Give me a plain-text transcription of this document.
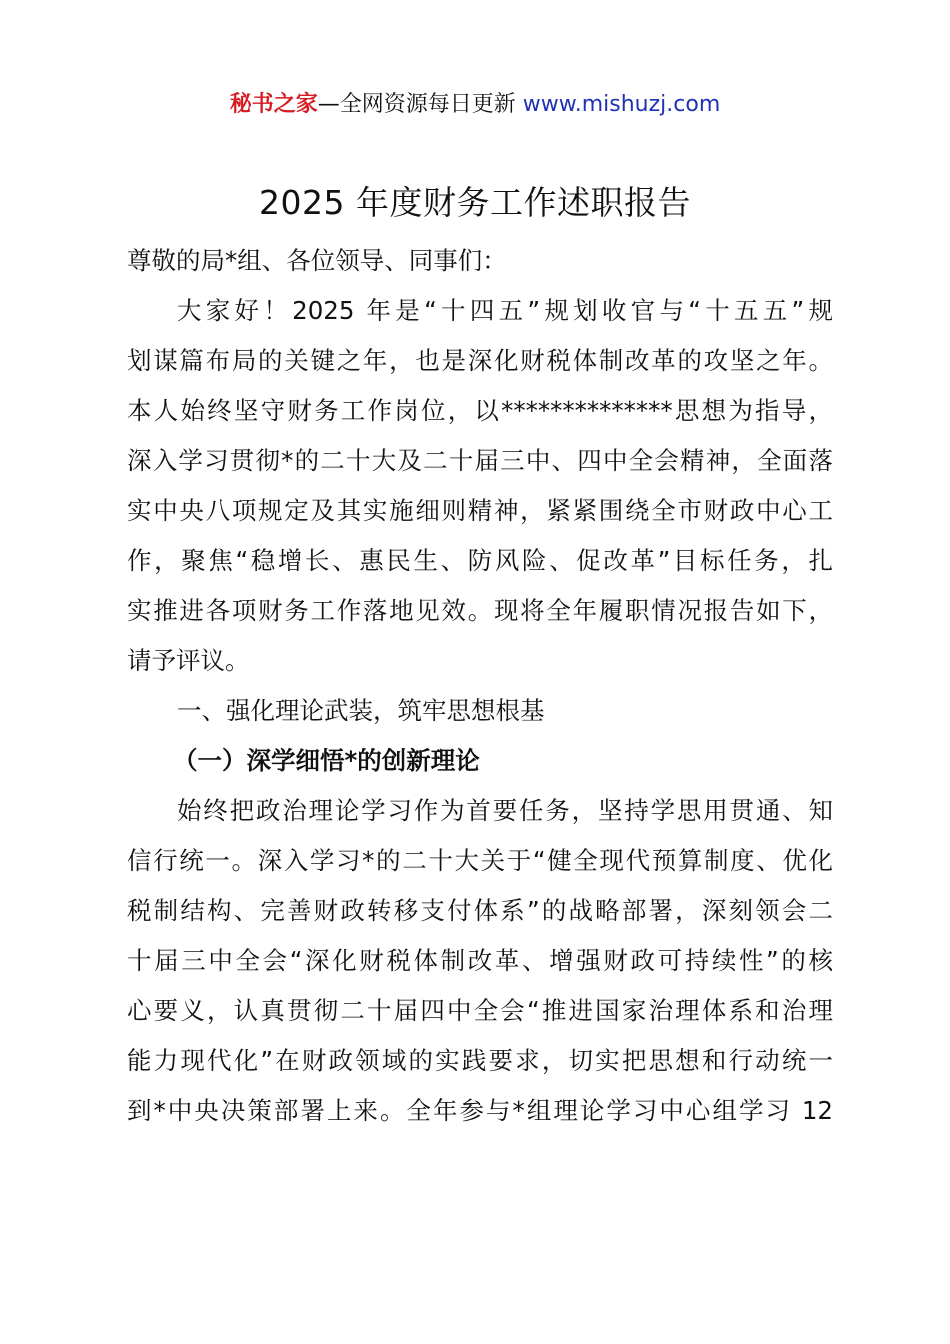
秘书之家—全网资源每日更新 www.mishuzj.com
2025 年度财务工作述职报告
尊敬的局*组、各位领导、同事们：
大家好！2025 年是“十四五”规划收官与“十五五”规
划谋篇布局的关键之年，也是深化财税体制改革的攻坚之年。
本人始终坚守财务工作岗位，以**************思想为指导，
深入学习贯彻*的二十大及二十届三中、四中全会精神，全面落
实中央八项规定及其实施细则精神，紧紧围绕全市财政中心工
作，聚焦“稳增长、惠民生、防风险、促改革”目标任务，扎
实推进各项财务工作落地见效。现将全年履职情况报告如下，
请予评议。
一、强化理论武装，筑牢思想根基
（一）深学细悟*的创新理论
始终把政治理论学习作为首要任务，坚持学思用贯通、知
信行统一。深入学习*的二十大关于“健全现代预算制度、优化
税制结构、完善财政转移支付体系”的战略部署，深刻领会二
十届三中全会“深化财税体制改革、增强财政可持续性”的核
心要义，认真贯彻二十届四中全会“推进国家治理体系和治理
能力现代化”在财政领域的实践要求，切实把思想和行动统一
到*中央决策部署上来。全年参与*组理论学习中心组学习 12
